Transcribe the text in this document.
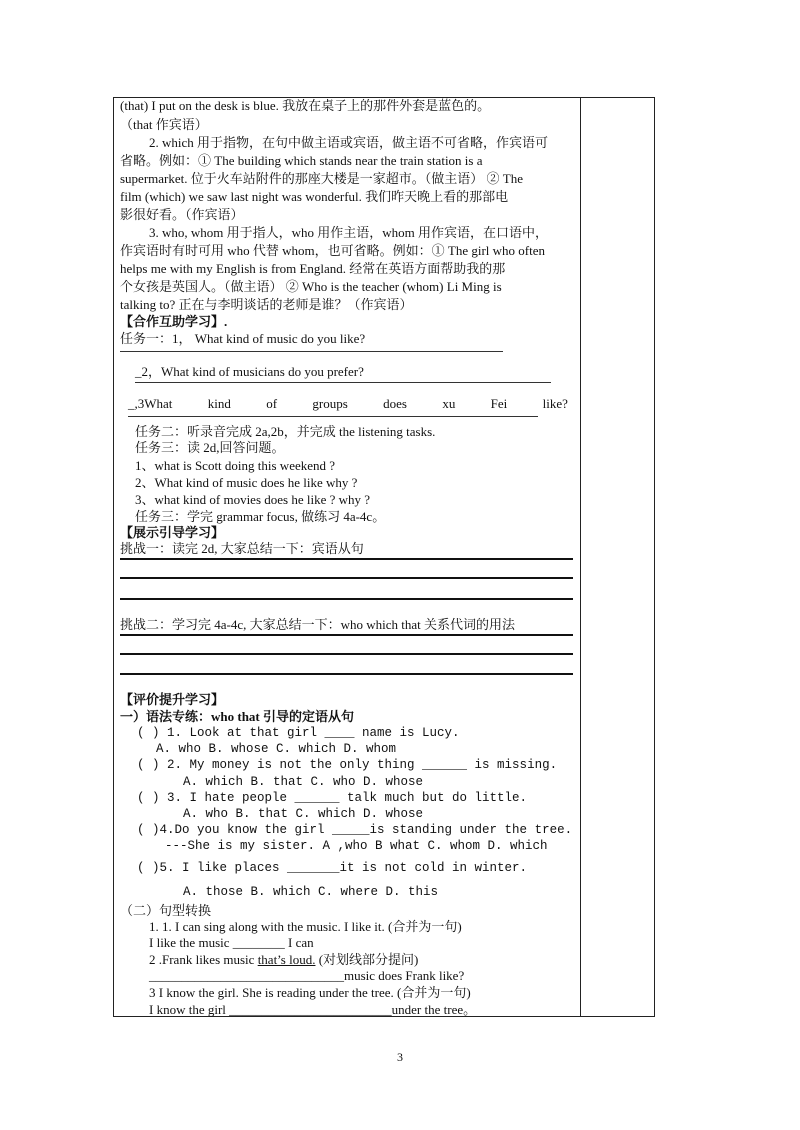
(that) I put on the desk is blue. 我放在桌子上的那件外套是蓝色的。
（that 作宾语）
2. which 用于指物，在句中做主语或宾语，做主语不可省略，作宾语可
省略。例如：① The building which stands near the train station is a
supermarket. 位于火车站附件的那座大楼是一家超市。（做主语） ② The
film (which) we saw last night was wonderful. 我们昨天晚上看的那部电
影很好看。（作宾语）
3. who, whom 用于指人，who 用作主语，whom 用作宾语，在口语中，
作宾语时有时可用 who 代替 whom，也可省略。例如：① The girl who often
helps me with my English is from England. 经常在英语方面帮助我的那
个女孩是英国人。（做主语） ② Who is the teacher (whom) Li Ming is
talking to? 正在与李明谈话的老师是谁？（作宾语）
【合作互助学习】.
任务一：1， What kind of music do you like?
_2，What kind of musicians do you prefer?
_,3What	kind	of	groups	does	xu	Fei	like?
任务二：听录音完成 2a,2b，并完成 the listening tasks.
任务三：读 2d,回答问题。
1、what is Scott doing this weekend ?
2、What kind of music does he like why ?
3、what kind of movies does he like ? why ?
任务三：学完 grammar focus, 做练习 4a-4c。
【展示引导学习】
挑战一：读完 2d, 大家总结一下：宾语从句
挑战二：学习完 4a-4c, 大家总结一下：who which that 关系代词的用法
【评价提升学习】
一）语法专练：who that 引导的定语从句
( ) 1. Look at that girl ____ name is Lucy.
A. who B. whose C. which D. whom
( ) 2. My money is not the only thing ______ is missing.
A. which B. that C. who D. whose
( ) 3. I hate people ______ talk much but do little.
A. who B. that C. which D. whose
( )4.Do you know the girl _____is standing under the tree.
---She is my sister. A ,who B what C. whom D. which
( )5. I like places _______it is not cold in winter.
A. those B. which C. where D. this
（二）句型转换
1. 1. I can sing along with the music. I like it. (合并为一句)
I like the music ________ I can
2 .Frank likes music that’s loud. (对划线部分提问)
______________________________music does Frank like?
3 I know the girl. She is reading under the tree. (合并为一句)
I know the girl _________________________under the tree。
3
